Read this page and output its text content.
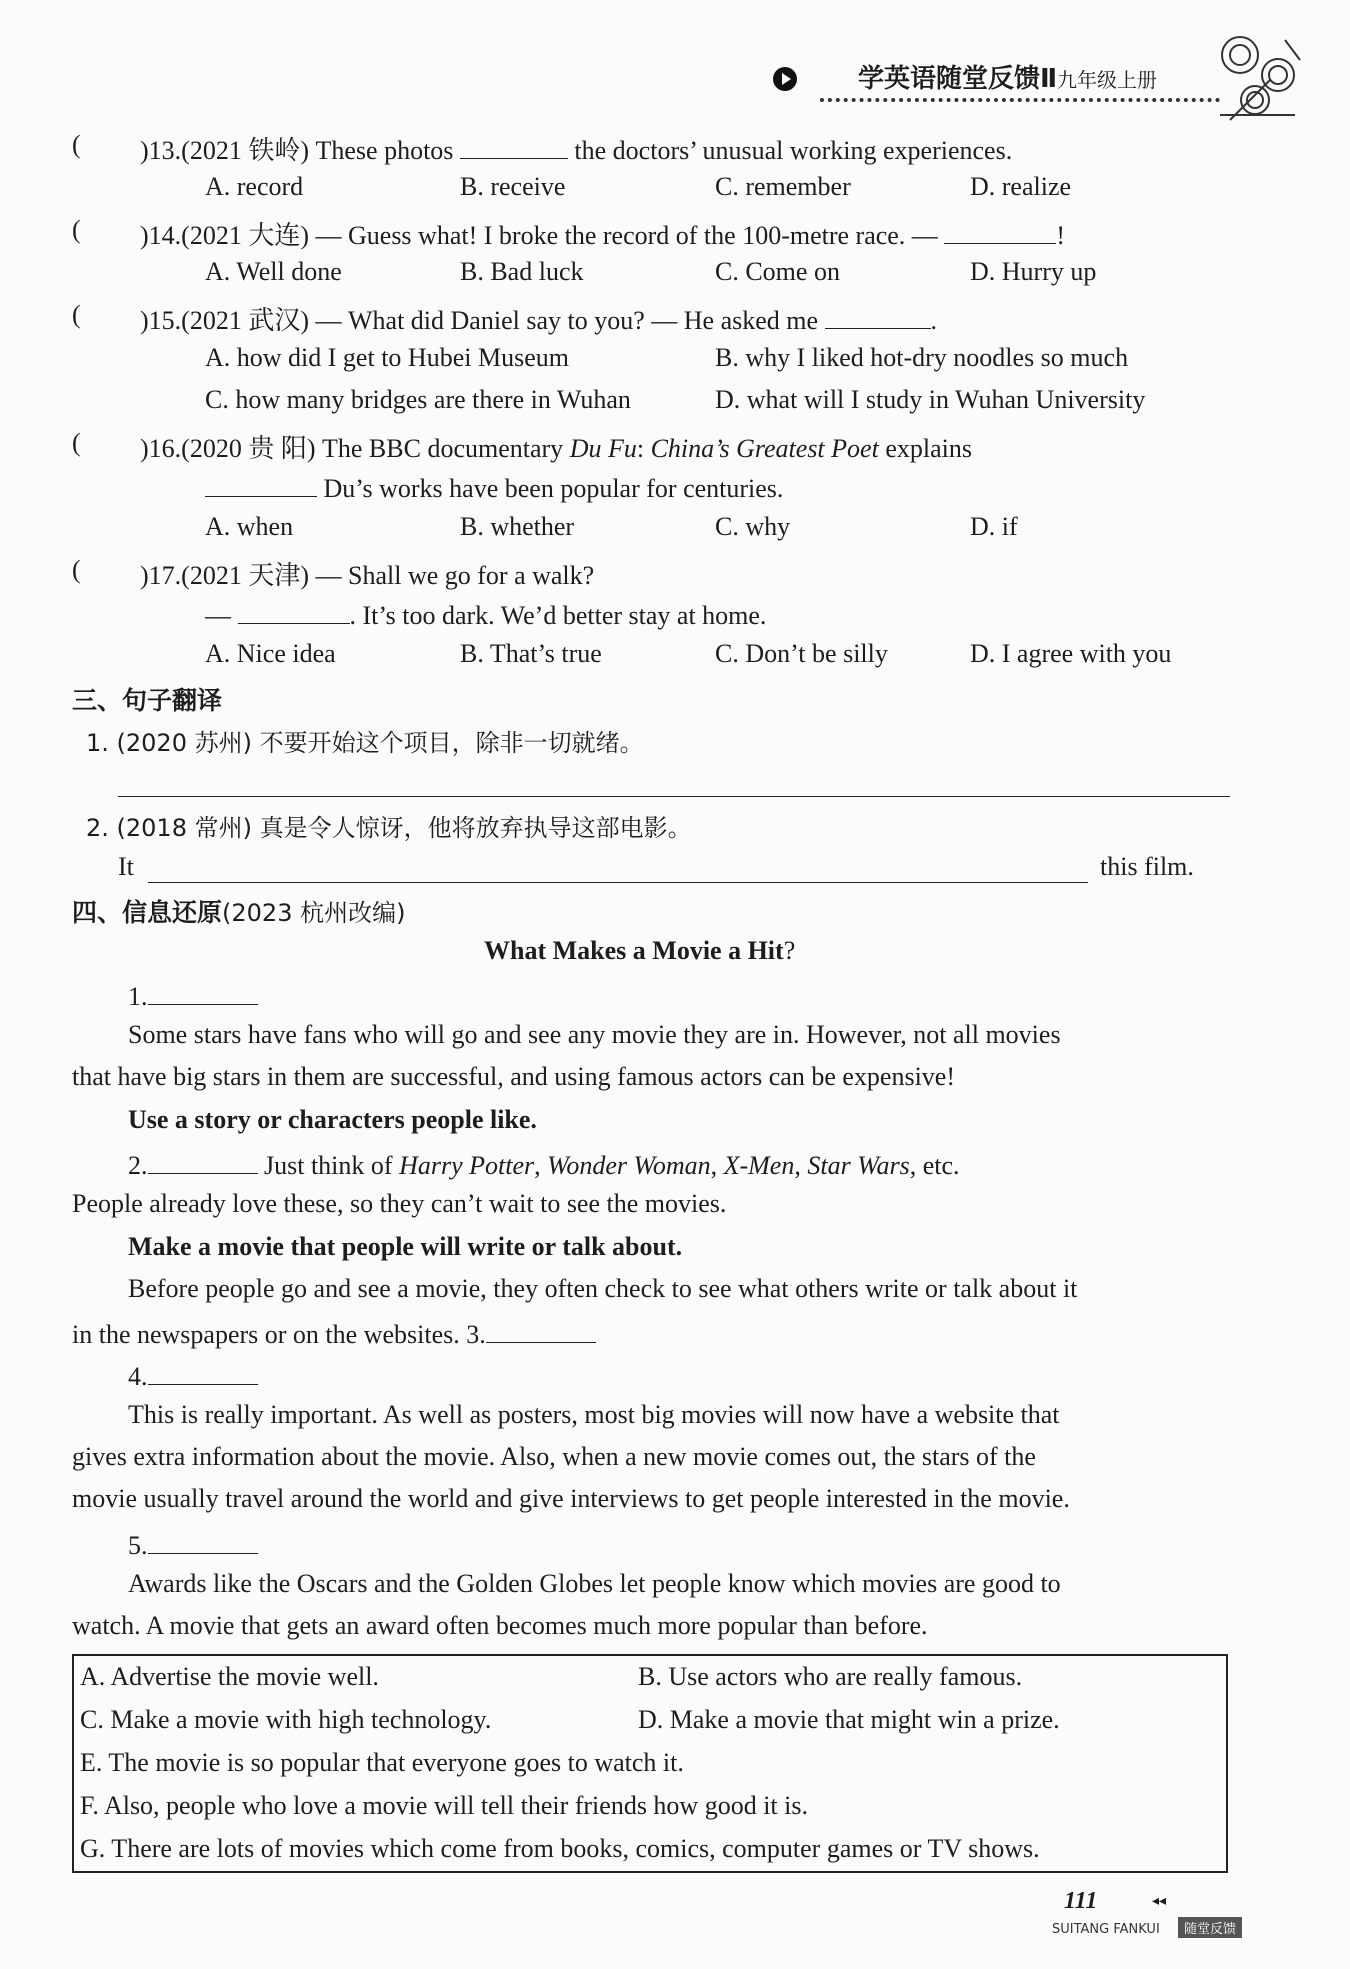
学英语随堂反馈Ⅱ 九年级上册
( )13.(2021 铁岭) These photos	the doctors’ unusual working experiences.
A. record	B. receive	C. remember	D. realize
( )14.(2021 大连) — Guess what! I broke the record of the 100-metre race. —	!
A. Well done	B. Bad luck	C. Come on	D. Hurry up
( )15.(2021 武汉) — What did Daniel say to you? — He asked me	.
A. how did I get to Hubei Museum	B. why I liked hot-dry noodles so much
C. how many bridges are there in Wuhan	D. what will I study in Wuhan University
( )16.(2020 贵 阳) The BBC documentary Du Fu: China’s Greatest Poet explains
Du’s works have been popular for centuries.
A. when	B. whether	C. why	D. if
( )17.(2021 天津) — Shall we go for a walk?
—	. It’s too dark. We’d better stay at home.
A. Nice idea	B. That’s true	C. Don’t be silly	D. I agree with you
三、句子翻译
1. (2020 苏州) 不要开始这个项目，除非一切就绪。
2. (2018 常州) 真是令人惊讶，他将放弃执导这部电影。
It	this film.
四、信息还原(2023 杭州改编)
What Makes a Movie a Hit?
1.
Some stars have fans who will go and see any movie they are in. However, not all movies
that have big stars in them are successful, and using famous actors can be expensive!
Use a story or characters people like.
2.	Just think of Harry Potter, Wonder Woman, X-Men, Star Wars, etc.
People already love these, so they can’t wait to see the movies.
Make a movie that people will write or talk about.
Before people go and see a movie, they often check to see what others write or talk about it
in the newspapers or on the websites. 3.
4.
This is really important. As well as posters, most big movies will now have a website that
gives extra information about the movie. Also, when a new movie comes out, the stars of the
movie usually travel around the world and give interviews to get people interested in the movie.
5.
Awards like the Oscars and the Golden Globes let people know which movies are good to
watch. A movie that gets an award often becomes much more popular than before.
A. Advertise the movie well.	B. Use actors who are really famous.
C. Make a movie with high technology.	D. Make a movie that might win a prize.
E. The movie is so popular that everyone goes to watch it.
F. Also, people who love a movie will tell their friends how good it is.
G. There are lots of movies which come from books, comics, computer games or TV shows.
111	◂◂
SUITANG FANKUI	随堂反馈
